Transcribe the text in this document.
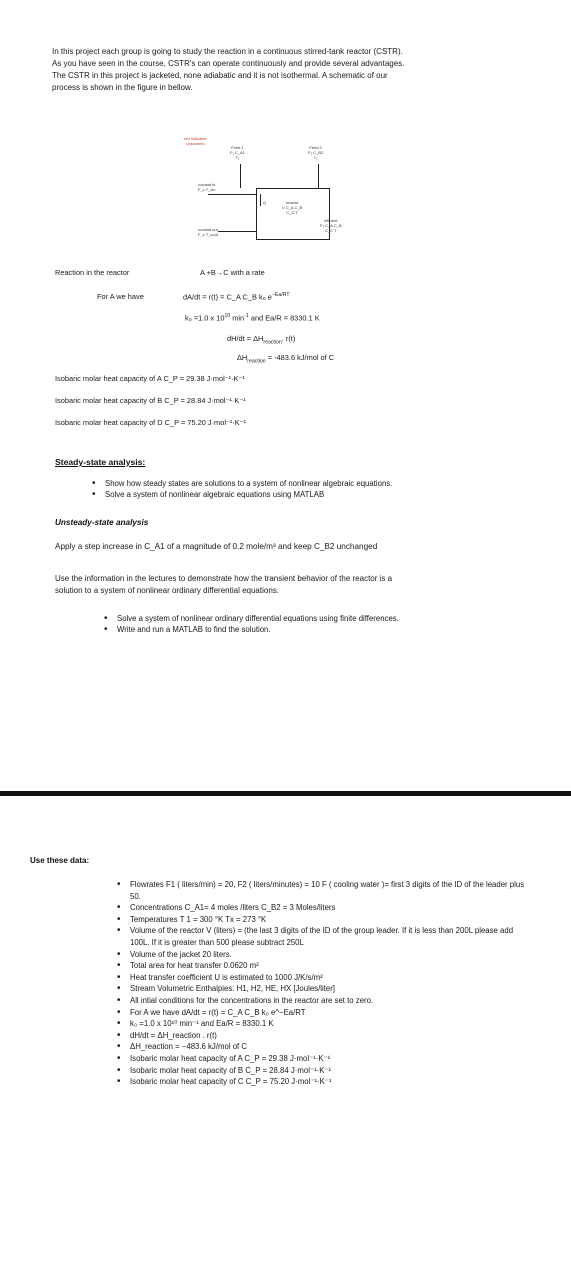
In this project each group is going to study the reaction in a continuous stirred-tank reactor (CSTR).
As you have seen in the course, CSTR's can operate continuously and provide several advantages.
The CSTR in this project is jacketed, none adiabatic and it is not isothermal. A schematic of our
process is shown in the figure in bellow.
red indicates
unknowns
Feed 1
F₁ C_A1
T₁
Feed 2
F₂ C_B2
T₂
coolant in
F_c T_cin
Q	reactor
V C_A C_B
C_C T
coolant out
F_c T_cout
effluent
F₃ C_A C_B
C_C T
Reaction in the reactor	A +B→C with a rate
For A we have	dA/dt = r(t) = C_A C_B k₀ $e^{-Ea/RT}$
k₀ =1.0 x $10^{10}$ $\min^{-1}$ and Ea/R = 8330.1 K
$dH/dt = \Delta H_{reaction}$. r(t)
$\Delta H_{reaction} = -483.6$ kJ/mol of C
Isobaric molar heat capacity of A C_P = 29.38 J·mol⁻¹·K⁻¹
Isobaric molar heat capacity of B C_P = 28.84 J·mol⁻¹·K⁻¹
Isobaric molar heat capacity of D C_P = 75.20 J·mol⁻¹·K⁻¹
Steady-state analysis:
• Show how steady states are solutions to a system of nonlinear algebraic equations.
• Solve a system of nonlinear algebraic equations using MATLAB
Unsteady-state analysis
Apply a step increase in C_A1 of a magnitude of 0.2 mole/m³ and keep C_B2 unchanged
Use the information in the lectures to demonstrate how the transient behavior of the reactor is a
solution to a system of nonlinear ordinary differential equations.
• Solve a system of nonlinear ordinary differential equations using finite differences.
• Write and run a MATLAB to find the solution.
Use these data:
• Flowrates F1 ( liters/min) = 20, F2 ( liters/minutes) = 10 F ( cooling water )= first 3 digits of the ID of the leader plus 50.
• Concentrations C_A1= 4 moles /liters C_B2 = 3 Moles/liters
• Temperatures T 1 = 300 °K Tx = 273 °K
• Volume of the reactor V (liters) = (the last 3 digits of the ID of the group leader. If it is less than 200L please add 100L. If it is greater than 500 please subtract 250L
• Volume of the jacket 20 liters.
• Total area for heat transfer 0.0620 m²
• Heat transfer coefficient U is estimated to 1000 J/K/s/m²
• Stream Volumetric Enthalpies: H1, H2, HE, HX [Joules/liter]
• All intial conditions for the concentrations in the reactor are set to zero.
• For A we have dA/dt = r(t) = C_A C_B k₀ e^−Ea/RT
• k₀ =1.0 x 10¹⁰ min⁻¹ and Ea/R = 8330.1 K
• dH/dt = ΔH_reaction . r(t)
• ΔH_reaction = −483.6 kJ/mol of C
• Isobaric molar heat capacity of A C_P = 29.38 J·mol⁻¹·K⁻¹
• Isobaric molar heat capacity of B C_P = 28.84 J·mol⁻¹·K⁻¹
• Isobaric molar heat capacity of C C_P = 75.20 J·mol⁻¹·K⁻¹
